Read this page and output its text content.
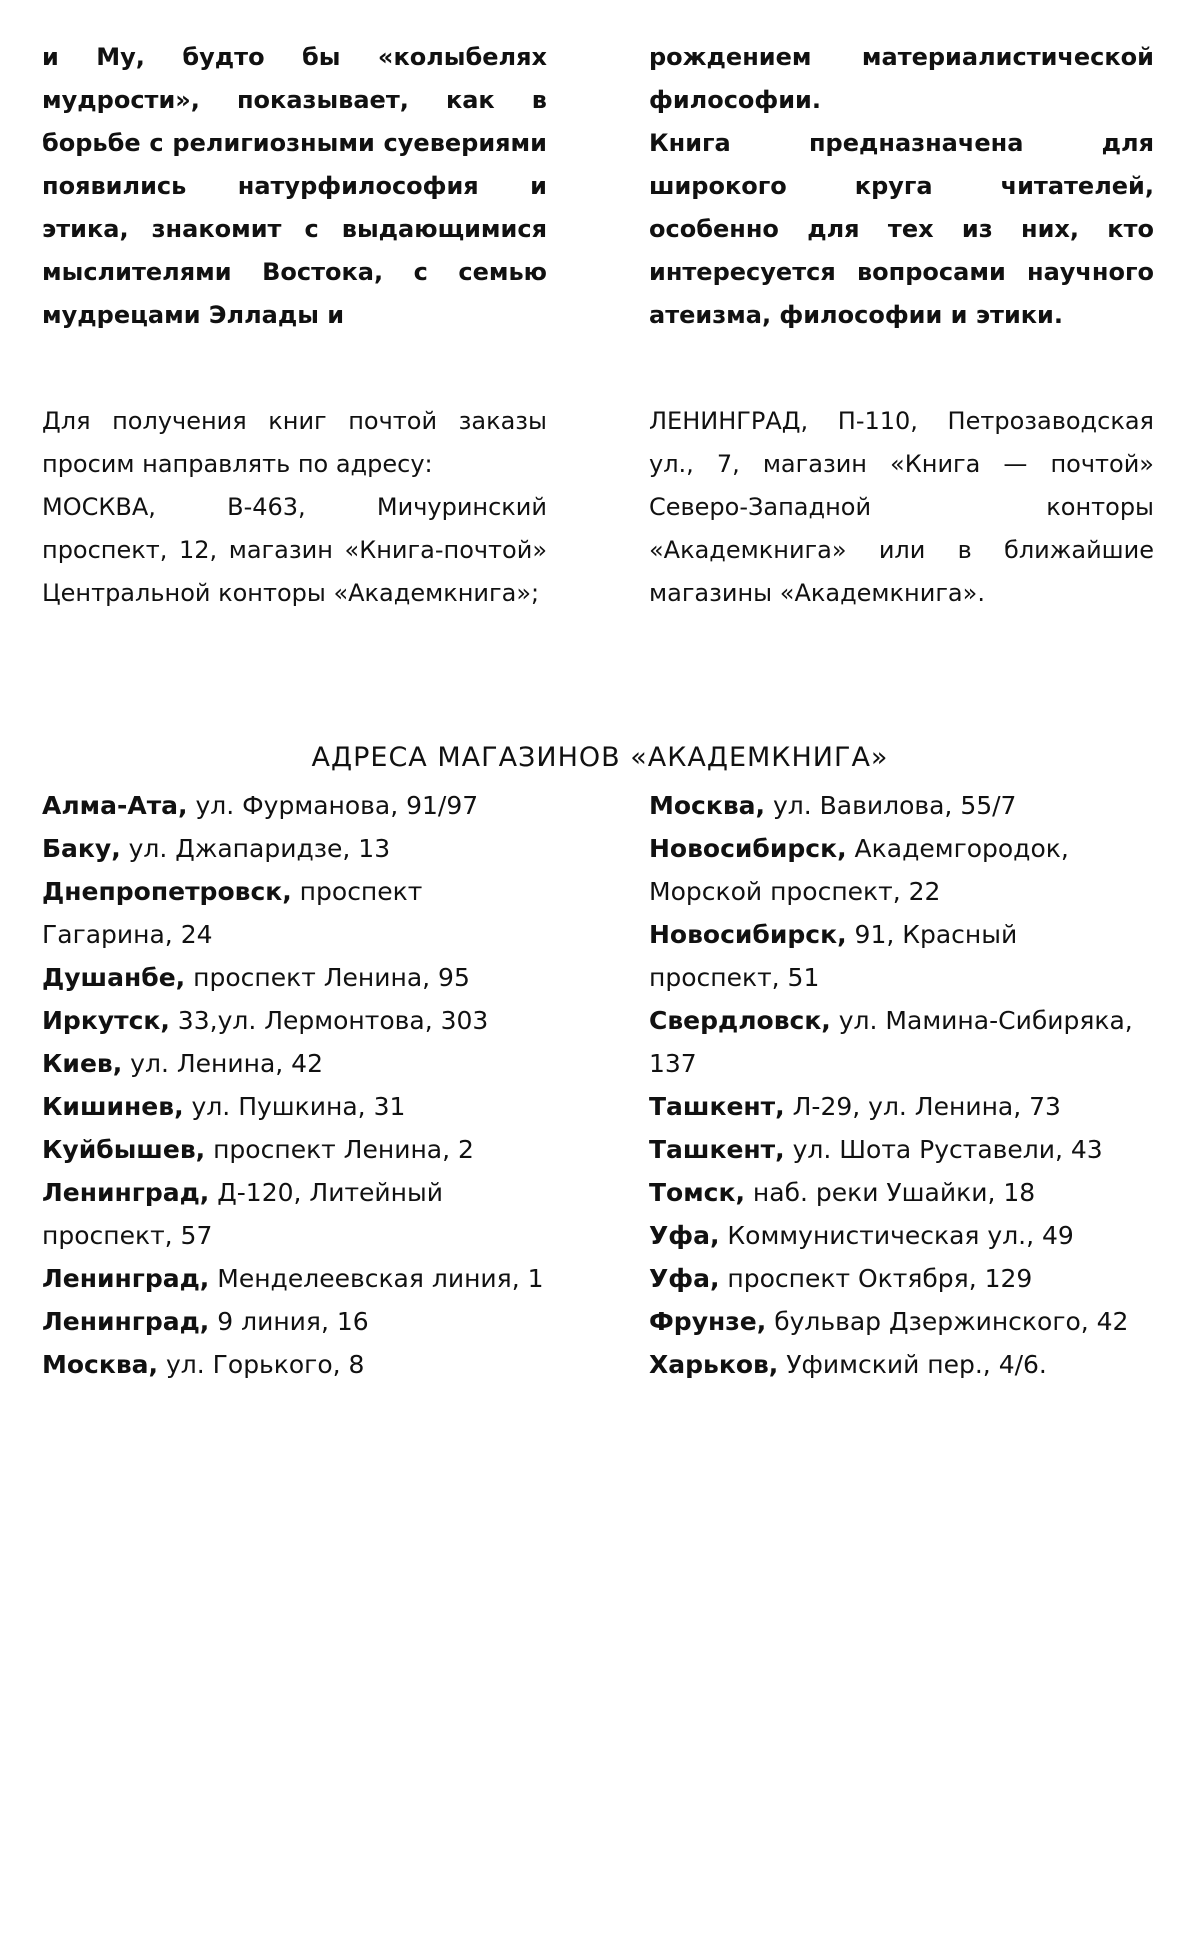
и Му, будто бы «колыбелях мудрости», показывает, как в борьбе с религиозными суевериями появились натурфилософия и этика, знакомит с выдающимися мыслителями Востока, с семью мудрецами Эллады и

рождением материалистической философии.

Книга предназначена для широкого круга читателей, особенно для тех из них, кто интересуется вопросами научного атеизма, философии и этики.

Для получения книг почтой заказы просим направлять по адресу:

МОСКВА, В-463, Мичуринский проспект, 12, магазин «Книга-почтой» Центральной конторы «Академкнига»;

ЛЕНИНГРАД, П-110, Петрозаводская ул., 7, магазин «Книга — почтой» Северо-Западной конторы «Академкнига» или в ближайшие магазины «Академкнига».

АДРЕСА МАГАЗИНОВ «АКАДЕМКНИГА»

Алма-Ата, ул. Фурманова, 91/97

Баку, ул. Джапаридзе, 13

Днепропетровск, проспект Гагарина, 24

Душанбе, проспект Ленина, 95

Иркутск, 33,ул. Лермонтова, 303

Киев, ул. Ленина, 42

Кишинев, ул. Пушкина, 31

Куйбышев, проспект Ленина, 2

Ленинград, Д-120, Литейный проспект, 57

Ленинград, Менделеевская линия, 1

Ленинград, 9 линия, 16

Москва, ул. Горького, 8

Москва, ул. Вавилова, 55/7

Новосибирск, Академгородок, Морской проспект, 22

Новосибирск, 91, Красный проспект, 51

Свердловск, ул. Мамина-Сибиряка, 137

Ташкент, Л-29, ул. Ленина, 73

Ташкент, ул. Шота Руставели, 43

Томск, наб. реки Ушайки, 18

Уфа, Коммунистическая ул., 49

Уфа, проспект Октября, 129

Фрунзе, бульвар Дзержинского, 42

Харьков, Уфимский пер., 4/6.
